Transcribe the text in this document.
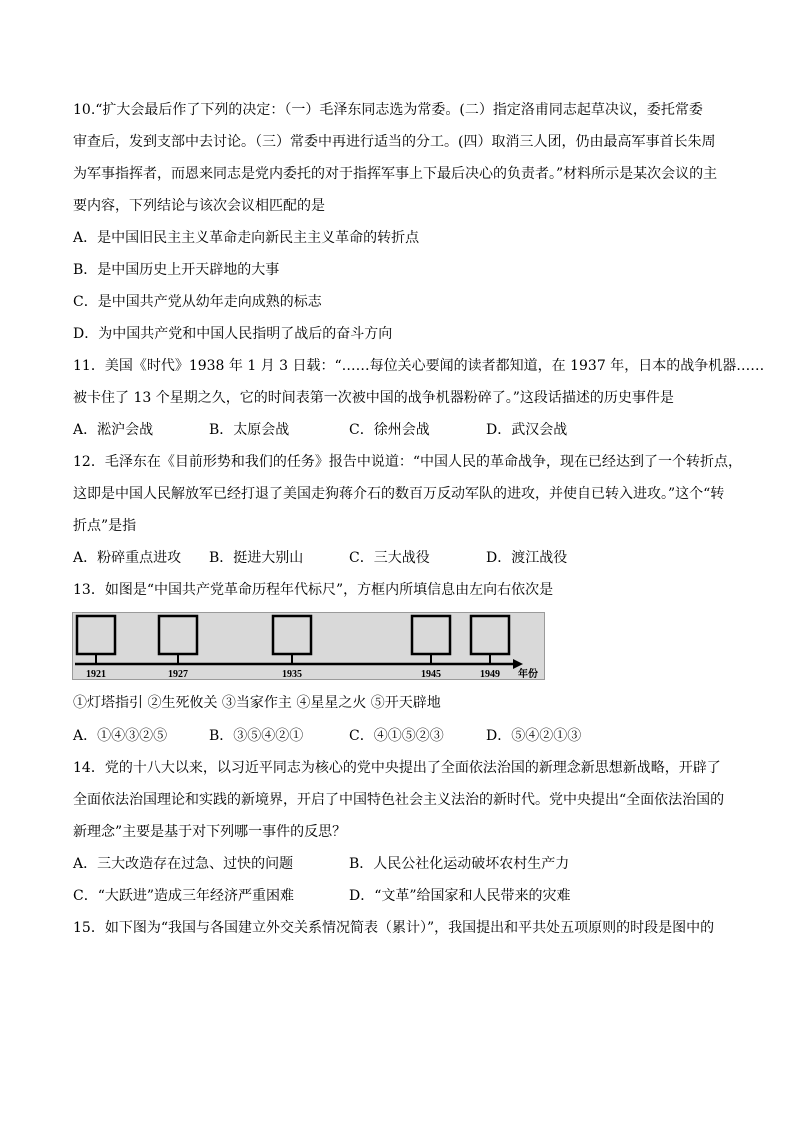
10.“扩大会最后作了下列的决定：（一）毛泽东同志选为常委。(二）指定洛甫同志起草决议，委托常委
审查后，发到支部中去讨论。（三）常委中再进行适当的分工。(四）取消三人团，仍由最高军事首长朱周
为军事指挥者，而恩来同志是党内委托的对于指挥军事上下最后决心的负责者。”材料所示是某次会议的主
要内容，下列结论与该次会议相匹配的是
A．是中国旧民主主义革命走向新民主主义革命的转折点
B．是中国历史上开天辟地的大事
C．是中国共产党从幼年走向成熟的标志
D．为中国共产党和中国人民指明了战后的奋斗方向
11．美国《时代》1938 年 1 月 3 日载：“……每位关心要闻的读者都知道，在 1937 年，日本的战争机器……
被卡住了 13 个星期之久，它的时间表第一次被中国的战争机器粉碎了。”这段话描述的历史事件是
A．淞沪会战	B．太原会战	C．徐州会战	D．武汉会战
12．毛泽东在《目前形势和我们的任务》报告中说道：“中国人民的革命战争，现在已经达到了一个转折点，
这即是中国人民解放军已经打退了美国走狗蒋介石的数百万反动军队的进攻，并使自已转入进攻。”这个“转
折点”是指
A．粉碎重点进攻 B．挺进大别山	C．三大战役	D．渡江战役
13．如图是“中国共产党革命历程年代标尺”，方框内所填信息由左向右依次是
1921	1927	1935	1945	1949 年份
①灯塔指引 ②生死攸关 ③当家作主 ④星星之火 ⑤开天辟地
A．①④③②⑤	B．③⑤④②①	C．④①⑤②③	D．⑤④②①③
14．党的十八大以来，以习近平同志为核心的党中央提出了全面依法治国的新理念新思想新战略，开辟了
全面依法治国理论和实践的新境界，开启了中国特色社会主义法治的新时代。党中央提出“全面依法治国的
新理念”主要是基于对下列哪一事件的反思？
A．三大改造存在过急、过快的问题	B．人民公社化运动破坏农村生产力
C．“大跃进”造成三年经济严重困难	D．“文革”给国家和人民带来的灾难
15．如下图为“我国与各国建立外交关系情况简表（累计）”，我国提出和平共处五项原则的时段是图中的
